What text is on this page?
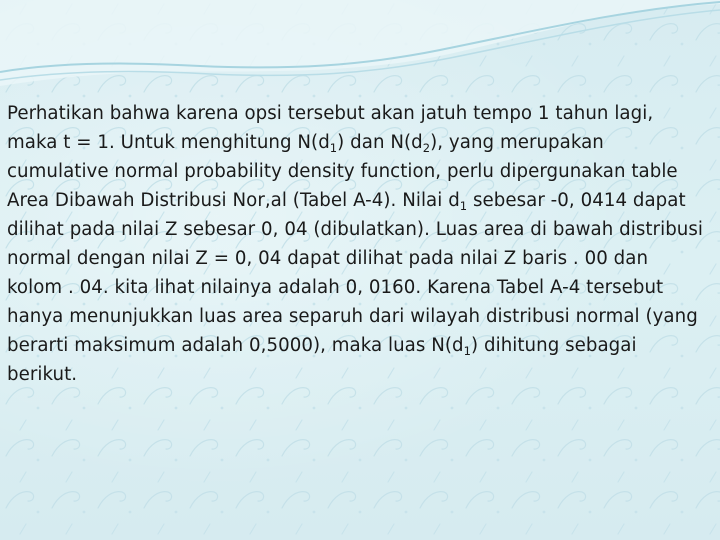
Perhatikan bahwa karena opsi tersebut akan jatuh tempo 1 tahun lagi, maka t = 1. Untuk menghitung $N(d_1)$ dan $N(d_2)$, yang merupakan cumulative normal probability density function, perlu dipergunakan table Area Dibawah Distribusi Nor,al (Tabel A-4). Nilai $d_1$ sebesar -0, 0414 dapat dilihat pada nilai Z sebesar 0, 04 (dibulatkan). Luas area di bawah distribusi normal dengan nilai Z = 0, 04 dapat dilihat pada nilai Z baris . 00 dan kolom . 04. kita lihat nilainya adalah 0, 0160. Karena Tabel A-4 tersebut hanya menunjukkan luas area separuh dari wilayah distribusi normal (yang berarti maksimum adalah 0,5000), maka luas $N(d_1)$ dihitung sebagai berikut.
